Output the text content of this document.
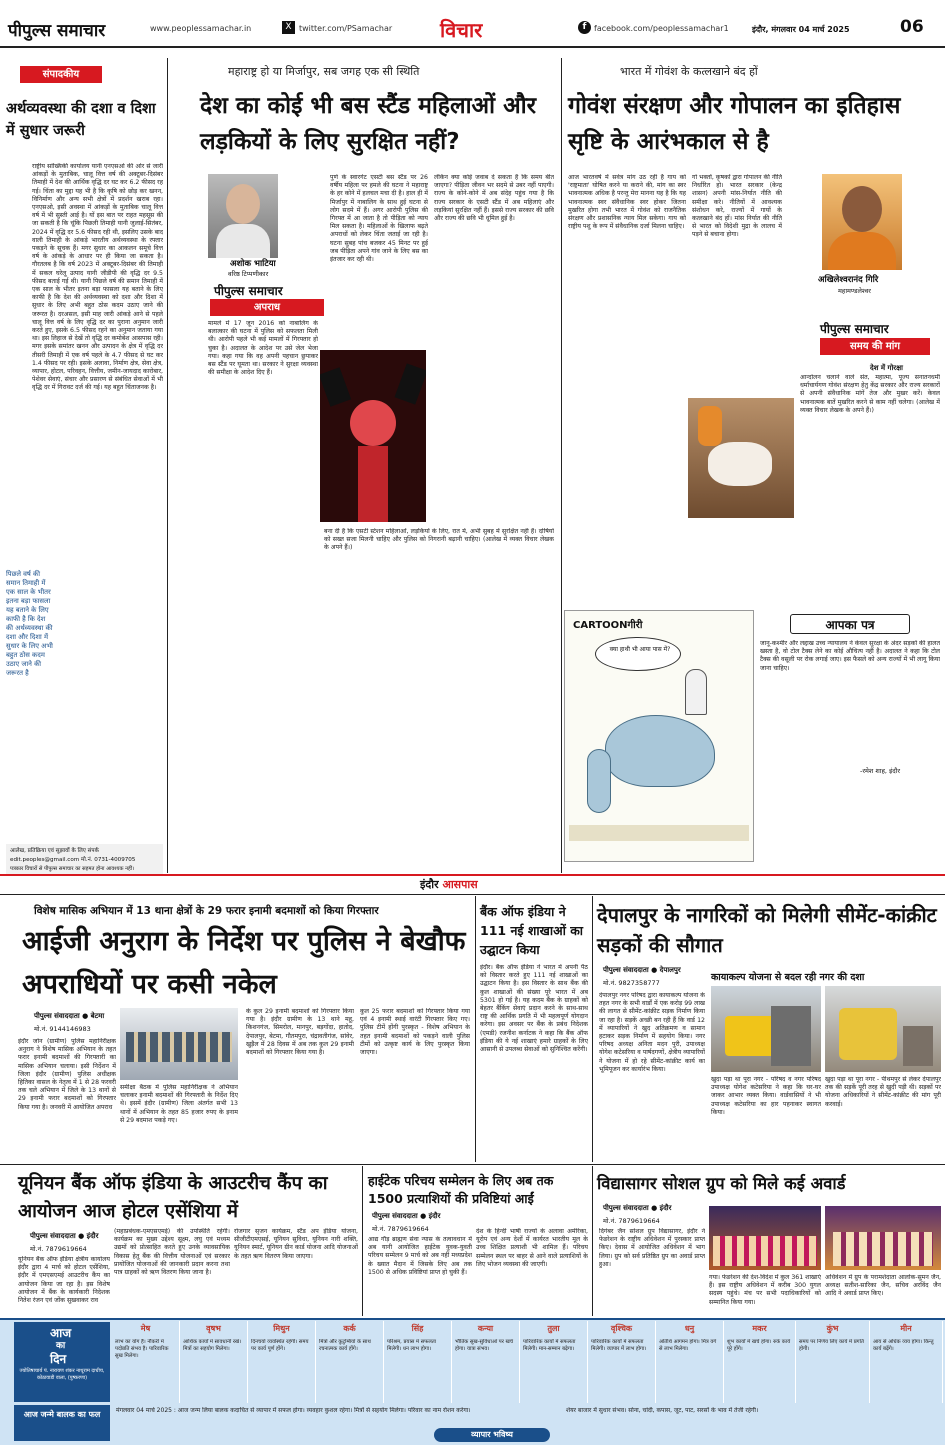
पीपुल्स समाचार	www.peoplessamachar.in	X twitter.com/PSamachar विचार	f facebook.com/peoplessamachar1	इंदौर, मंगलवार 04 मार्च 2025	06
संपादकीय
अर्थव्यवस्था की दशा व दिशा में सुधार जरूरी
राष्ट्रीय सांख्यिकी कार्यालय यानी एनएसओ की ओर से जारी आंकड़ों के मुताबिक, चालू वित्त वर्ष की अक्टूबर-दिसंबर तिमाही में देश की आर्थिक वृद्धि दर घट कर 6.2 फीसद रह गई। चिंता का मुद्दा यह भी है कि कृषि को छोड़ कर खनन, विनिर्माण और अन्य सभी क्षेत्रों में प्रदर्शन खराब रहा। एनएसओ, इसी अवस्था में आंकड़ों के मुताबिक चालू वित्त वर्ष में भी सुस्ती आई है। यों इस बात पर राहत महसूस की जा सकती है कि चूंकि पिछली तिमाही यानी जुलाई-सितंबर, 2024 में वृद्धि दर 5.6 फीसद रही थी, इसलिए उसके बाद वाली तिमाही के आंकड़े भारतीय अर्थव्यवस्था के रफ्तार पकड़ने के सूचक हैं। मगर सुधार का आकलन समूचे वित्त वर्ष के आंकड़े के आधार पर ही किया जा सकता है। गौरतलब है कि वर्ष 2023 में अक्टूबर-दिसंबर की तिमाही में सकल घरेलू उत्पाद यानी जीडीपी की वृद्धि दर 9.5 फीसद बताई गई थी। यानी पिछले वर्ष की समान तिमाही में एक साल के भीतर इतना बड़ा फासला यह बताने के लिए काफी है कि देश की अर्थव्यवस्था को दशा और दिशा में सुधार के लिए अभी बहुत ठोस कदम उठाए जाने की जरूरत है। दरअसल, इसी माह जारी आंकड़े आने से पहले चालू वित्त वर्ष के लिए वृद्धि दर का पुराना अनुमान जारी करते हुए, इसके 6.5 फीसद रहने का अनुमान जताया गया था। इस लिहाज से देखें तो वृद्धि दर कमोबेश आसपास रही। मगर इसके समांतर खनन और उत्पादन के क्षेत्र में वृद्धि दर तीसरी तिमाही में एक वर्ष पहले के 4.7 फीसद से घट कर 1.4 फीसद पर रही। इसके अलावा, निर्माण क्षेत्र, सेवा क्षेत्र, व्यापार, होटल, परिवहन, वित्तीय, जमीन-जायदाद कारोबार, पेशेवर सेवाएं, संचार और प्रसारण से संबंधित सेवाओं में भी वृद्धि दर में गिरावट दर्ज की गई। यह बहुत चिंताजनक है।
पिछले वर्ष की समान तिमाही में एक साल के भीतर इतना बड़ा फासला यह बताने के लिए काफी है कि देश की अर्थव्यवस्था की दशा और दिशा में सुधार के लिए अभी बहुत ठोस कदम उठाए जाने की जरूरत है
आलेख, प्रतिक्रिया एवं सुझावों के लिए संपर्क
edit.peoples@gmail.com मो.नं. 0731-4009705
पत्रकार विचारों से पीपुल्स समाचार का सहमत होना आवश्यक नहीं।
महाराष्ट्र हो या मिर्जापुर, सब जगह एक सी स्थिति
देश का कोई भी बस स्टैंड महिलाओं और लड़कियों के लिए सुरक्षित नहीं?
अशोक भाटिया
वरिष्ठ टिप्पणीकार
पीपुल्स समाचार
अपराध
पुणे के स्वारगेट एसटी बस स्टैंड पर 26 वर्षीय महिला पर हमले की घटना ने महाराष्ट्र के हर कोने में हलचल मचा दी है। हाल ही में मिर्जापुर में नाबालिग के साथ हुई घटना से लोग सदमे में हैं। अगर आरोपी पुलिस की गिरफ्त में आ जाता है तो पीड़िता को न्याय मिल सकता है। महिलाओं के खिलाफ बढ़ते अपराधों को लेकर चिंता जताई जा रही है। घटना सुबह पांच बजकर 45 मिनट पर हुई जब पीड़िता अपने गांव जाने के लिए बस का इंतजार कर रही थी।
मामले में 17 जून 2016 को नाबालिग के बलात्कार की घटना में पुलिस को सफलता मिली थी। आरोपी पहले भी कई मामलों में गिरफ्तार हो चुका है। अदालत के आदेश पर उसे जेल भेजा गया। कहा गया कि वह अपनी पहचान छुपाकर बस स्टैंड पर घूमता था। सरकार ने सुरक्षा व्यवस्था की समीक्षा के आदेश दिए हैं।
लेकिन क्या कोई जवाब दे सकता है कि समय बीत जाएगा? पीड़िता जीवन भर सदमे से उबर नहीं पाएगी। राज्य के कोने-कोने में अब संदेह पहुंच गया है कि राज्य सरकार के एसटी स्टैंड में अब महिलाएं और लड़कियां सुरक्षित नहीं हैं। इससे राज्य सरकार की छवि और राज्य की छवि भी धूमिल हुई है।
बना दी है कि एसटी स्टेशन महिलाओं, लड़कियों के लिए, रात में, अभी सुबह में सुरक्षित नहीं हैं। दोषियों को सख्त सजा मिलनी चाहिए और पुलिस को निगरानी बढ़ानी चाहिए। (आलेख में व्यक्त विचार लेखक के अपने हैं।)
भारत में गोवंश के कत्लखाने बंद हों
गोवंश संरक्षण और गोपालन का इतिहास सृष्टि के आरंभकाल से है
आज भारतवर्ष में सर्वत्र मांग उठ रही है गाय को 'राष्ट्रमाता' घोषित करने या कराने की, मांग का स्वर भावनात्मक अधिक है परन्तु मेरा मानना यह है कि यह भावनात्मक स्वर संवैधानिक स्वर होकर जितना मुखरित होगा तभी भारत में गोवंश को राजनैतिक संरक्षण और प्रशासनिक न्याय मिल सकेगा। गाय को राष्ट्रीय पशु के रूप में संवैधानिक दर्जा मिलना चाहिए।
गो भक्तों, कृषकों द्वारा गोपालन की नीति निर्धारित हो। भारत सरकार (केन्द्र शासन) अपनी मांस-निर्यात नीति की समीक्षा करे। नीतियों में आवश्यक संशोधन करे, राज्यों में गायों के कत्लखाने बंद हों। मांस निर्यात की नीति से भारत को विदेशी मुद्रा के लालच में पड़ने से बचाना होगा।
अखिलेश्वरानंद गिरि
महामण्डलेश्वर
पीपुल्स समाचार
समय की मांग
देश में गोरक्षा
आन्दोलन चलाने वाले संत, महात्मा, पूज्य सनातनधर्मी धर्माचार्यगण गोवंश संरक्षण हेतु केंद्र सरकार और राज्य सरकारों से अपनी संवैधानिक मांगें तेज और मुखर करें। केवल भावनात्मक बातें मुखरित करने से काम नहीं चलेगा। (आलेख में व्यक्त विचार लेखक के अपने हैं।)
CARTOONगीरी
क्या हाथी भी आया पास में?
आपका पत्र
जानू-कश्मीर और लद्दाख उच्च न्यायालय ने केवल सुरक्षा के अंदर सड़कों की हालत खस्ता है, वो टोल टैक्स लेने का कोई औचित्य नहीं है। अदालत ने कहा कि टोल टैक्स की वसूली पर रोक लगाई जाए। इस फैसले को अन्य राज्यों में भी लागू किया जाना चाहिए।
-रमेश शाह, इंदौर
इंदौर आसपास
विशेष मासिक अभियान में 13 थाना क्षेत्रों के 29 फरार इनामी बदमाशों को किया गिरफ्तार
आईजी अनुराग के निर्देश पर पुलिस ने बेखौफ अपराधियों पर कसी नकेल
पीपुल्स संवाददाता ● बेटमा
मो.नं. 9144146983
इंदौर जोन (ग्रामीण) पुलिस महानिरीक्षक अनुराग ने विशेष मासिक अभियान के तहत फरार इनामी बदमाशों की गिरफ्तारी का मासिक अभियान चलाया। इसी निर्देशन में जिला इंदौर (ग्रामीण) पुलिस अधीक्षक हितिका वासल के नेतृत्व में 1 से 28 फरवरी तक चले अभियान में जिले के 13 थानों से 29 इनामी फरार बदमाशों को गिरफ्तार किया गया है। जनवरी में आयोजित अपराध
समीक्षा बैठक में पुलिस महानिरीक्षक ने अभियान चलाकर इनामी बदमाशों की गिरफ्तारी के निर्देश दिए थे। इसमें इंदौर (ग्रामीण) जिला अंतर्गत सभी 13 थानों में अभियान के तहत 85 हजार रुपए के इनाम से 29 बदमाश पकड़े गए।
के कुल 29 इनामी बदमाशों को गिरफ्तार किया गया है। इंदौर ग्रामीण के 13 थाने महू, किशनगंज, सिमरोल, मानपुर, बड़गोंदा, हातोद, देपालपुर, बेटमा, गौतमपुरा, चंद्रावतीगंज, सांवेर, खुड़ैल में 28 दिवस में अब तक कुल 29 इनामी बदमाशों को गिरफ्तार किया गया है।
कुल 25 फरार बदमाशों को गिरफ्तार किया गया एवं 4 इनामी स्थाई वारंटी गिरफ्तार किए गए। पुलिस टीमें होंगी पुरस्कृत - विशेष अभियान के तहत इनामी बदमाशों को पकड़ने वाली पुलिस टीमों को उत्कृष्ट कार्य के लिए पुरस्कृत किया जाएगा।
बैंक ऑफ इंडिया ने 111 नई शाखाओं का उद्घाटन किया
इंदौर। बैंक ऑफ इंडिया ने भारत में अपनी पैठ को विस्तार करते हुए 111 नई शाखाओं का उद्घाटन किया है। इस विस्तार के साथ बैंक की कुल शाखाओं की संख्या पूरे भारत में अब 5301 हो गई है। यह कदम बैंक के ग्राहकों को बेहतर बैंकिंग सेवाएं प्रदान करने के साथ-साथ राष्ट्र की आर्थिक प्रगति में भी महत्वपूर्ण योगदान करेगा। इस अवसर पर बैंक के प्रबंध निदेशक (एमडी) रजनीश कर्नाटक ने कहा कि बैंक ऑफ इंडिया की ये नई शाखाएं हमारे ग्राहकों के लिए आसानी से उपलब्ध सेवाओं को सुनिश्चित करेंगी।
देपालपुर के नागरिकों को मिलेगी सीमेंट-कांक्रीट सड़कों की सौगात
पीपुल्स संवाददाता ● देपालपुर
मो.नं. 9827358777	कायाकल्प योजना से बदल रही नगर की दशा
देपालपुर नगर परिषद द्वारा कायाकल्प योजना के तहत नगर के सभी वार्डों में एक करोड़ 99 लाख की लागत से सीमेंट-कांक्रीट सड़क निर्माण किया जा रहा है। सड़कें अच्छी बन रही हैं कि वार्ड 12 में व्यापारियों ने खुद अतिक्रमण व सामान हटाकर सड़क निर्माण में सहयोग किया। नगर परिषद अध्यक्ष अनिता मदन पुरी, उपाध्यक्ष योगेश कटेसरिया व पार्षदगणों, क्षेत्रीय व्यापारियों ने योजना में हो रहे सीमेंट-कांक्रीट कार्य का भूमिपूजन कर कार्यारंभ किया।
खुदा पड़ा था पूरा नगर - परिषद व नगर परिषद उपाध्यक्ष योगेश कटेसरिया ने कहा कि घर-घर जाकर आभार व्यक्त किया। वार्डवासियों ने भी उपाध्यक्ष कटेसरिया का हार पहनाकर स्वागत किया।
खुदा पड़ा था पूरा नगर - पीथमपुर से लेकर देपालपुर तक की सड़कें पूरी तरह से खुदी पड़ी थी। सड़कों पर योजना अधिकारियों ने सीमेंट-कांक्रीट की मांग पूरी करवाई।
यूनियन बैंक ऑफ इंडिया के आउटरीच कैंप का आयोजन आज होटल एसेंशिया में
पीपुल्स संवाददाता ● इंदौर
मो.नं. 7879619664
यूनियन बैंक ऑफ इंडिया क्षेत्रीय कार्यालय इंदौर द्वारा 4 मार्च को होटल एसेंशिया, इंदौर में एमएसएमई आउटरीच कैंप का आयोजन किया जा रहा है। इस विशेष आयोजन में बैंक के कार्यकारी निदेशक नितेश रंजन एवं जोंक सुखवाकर राव
(महाप्रबंधक-एमएसएमई) की उपस्थिति रहेगी। कार्यक्रम का मुख्य उद्देश्य सूक्ष्म, लघु एवं मध्यम उद्यमों को प्रोत्साहित करते हुए उनके व्यावसायिक विकास हेतु बैंक की वित्तीय योजनाओं एवं सरकार प्रायोजित योजनाओं की जानकारी प्रदान करना तथा पात्र ग्राहकों को ऋण वितरण किया जाना है।
रोजगार सृजन कार्यक्रम, स्टैंड अप इंडिया योजना, सीजीटीएमएसई, यूनियन सुविधा, यूनियन नारी शक्ति, यूनियन स्मार्ट, यूनियन ग्रीन कार्ड योजना आदि योजनाओं के तहत ऋण वितरण किया जाएगा।
हाईटेक परिचय सम्मेलन के लिए अब तक 1500 प्रत्याशियों की प्रविष्टियां आईं
पीपुल्स संवाददाता ● इंदौर
मो.नं. 7879619664
आद्य गौड़ ब्राह्मण सेवा न्यास के तत्वावधान में अब यानी आयोजित हाईटेक युवक-युवती परिचय सम्मेलन 9 मार्च को अब नहीं मध्यप्रदेश के ख्यात मैदान में जिसके लिए अब तक 1500 से अधिक प्रविष्टियां प्राप्त हो चुकी हैं।
देश के हिन्दी भाषी राज्यों के अलावा अमेरिका, यूरोप एवं अन्य देशों में कार्यरत भारतीय मूल के उच्च शिक्षित प्रत्याशी भी शामिल हैं। परिचय सम्मेलन स्थल पर बाहर से आने वाले प्रत्याशियों के लिए भोजन व्यवस्था की जाएगी।
विद्यासागर सोशल ग्रुप को मिले कई अवार्ड
पीपुल्स संवाददाता ● इंदौर
मो.नं. 7879619664
दिगंबर जैन सोशल ग्रुप विद्यासागर, इंदौर ने फेडरेशन के राष्ट्रीय अधिवेशन में पुरस्कार प्राप्त किए। देवास में आयोजित अधिवेशन में भाग लिया। ग्रुप को सर्व प्रतिष्ठित ग्रुप का अवार्ड प्राप्त हुआ।
गया। फेडरेशन की देश-विदेश में कुल 361 शाखाएं हैं। इस राष्ट्रीय अधिवेशन में करीब 300 युगल सदस्य पहुंचे। मंच पर सभी पदाधिकारियों को सम्मानित किया गया।
अधिवेशन में ग्रुप के परामर्शदाता आलोक-सुमन जैन, अध्यक्ष सतीश-सारिका जैन, सचिव अरविंद जैन आदि ने अवार्ड प्राप्त किए।
आज
का
दिन
ज्योतिषाचार्य पं. नारायण शंकर नाथूराम दाधीच, कोठावाडी वाला, (पुष्करणा)
मेष
लाभ का योग है। नौकरी में पदोन्नति संभव है। पारिवारिक सुख मिलेगा।
वृषभ
आर्थिक कार्यों में सावधानी रखें। मित्रों का सहयोग मिलेगा।
मिथुन
दिनचर्या व्यवस्थित रहेगी। समय पर कार्य पूर्ण होंगे।
कर्क
मित्रों और कुटुम्बियों के साथ रचनात्मक कार्य होंगे।
सिंह
परिश्रम, प्रयास में सफलता मिलेगी। धन लाभ होगा।
कन्या
भौतिक सुख-सुविधाओं पर खर्च होगा। यात्रा संभव।
तुला
पारिवारिक कार्यों में सफलता मिलेगी। मान-सम्मान बढ़ेगा।
वृश्चिक
पारिवारिक कार्यों में सफलता मिलेगी। व्यापार में लाभ होगा।
धनु
अतिथि आगमन होगा। मित्र वर्ग से लाभ मिलेगा।
मकर
शुभ कार्यों में खर्च होगा। रुके कार्य पूरे होंगे।
कुंभ
समय पर निर्णय लिए कार्य में प्रगति होगी।
मीन
आय से अधिक व्यय होगा। किन्तु कार्य बढ़ेंगे।
आज जन्मे बालक का फल	मंगलवार 04 मार्च 2025 : आज जन्म लिया बालक कदाचित से व्यापार में सफल होगा। व्यवहार कुशल रहेगा। मित्रों से सहयोग मिलेगा। परिवार का नाम रोशन करेगा।
व्यापार भविष्य
शेयर बाजार में सुधार संभव। सोना, चांदी, कपास, जूट, पाट, सरसों के भाव में तेजी रहेगी।
